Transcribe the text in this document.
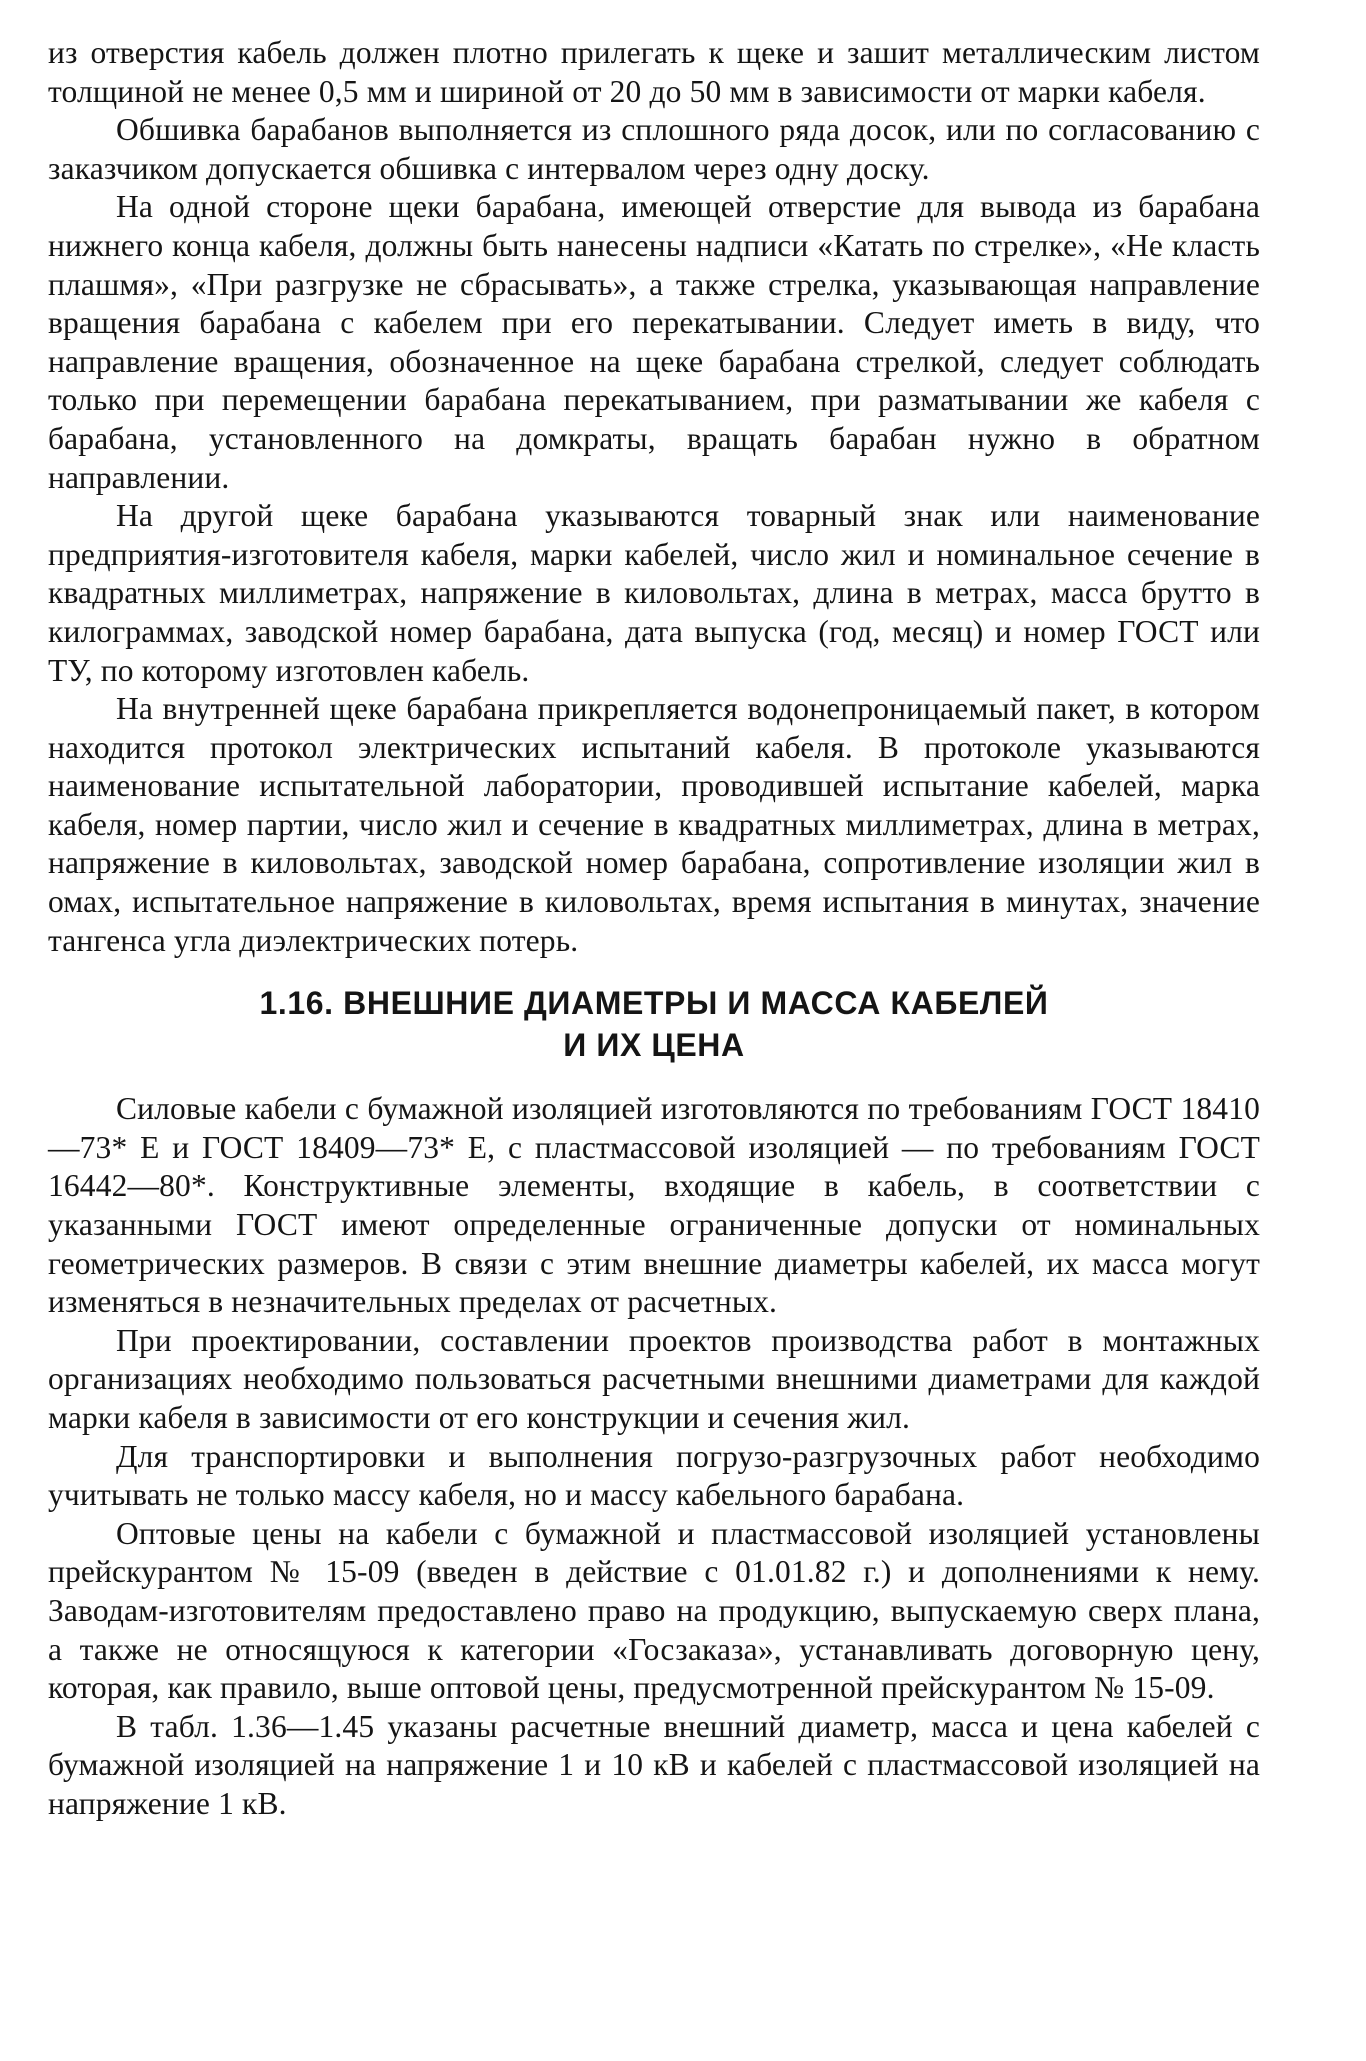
из отверстия кабель должен плотно прилегать к щеке и зашит металлическим листом толщиной не менее 0,5 мм и шириной от 20 до 50 мм в зависимости от марки кабеля.

Обшивка барабанов выполняется из сплошного ряда досок, или по согласованию с заказчиком допускается обшивка с интервалом через одну доску.

На одной стороне щеки барабана, имеющей отверстие для вывода из барабана нижнего конца кабеля, должны быть нанесены надписи «Катать по стрелке», «Не класть плашмя», «При разгрузке не сбрасывать», а также стрелка, указывающая направление вращения барабана с кабелем при его перекатывании. Следует иметь в виду, что направление вращения, обозначенное на щеке барабана стрелкой, следует соблюдать только при перемещении барабана перекатыванием, при разматывании же кабеля с барабана, установленного на домкраты, вращать барабан нужно в обратном направлении.

На другой щеке барабана указываются товарный знак или наименование предприятия-изготовителя кабеля, марки кабелей, число жил и номинальное сечение в квадратных миллиметрах, напряжение в киловольтах, длина в метрах, масса брутто в килограммах, заводской номер барабана, дата выпуска (год, месяц) и номер ГОСТ или ТУ, по которому изготовлен кабель.

На внутренней щеке барабана прикрепляется водонепроницаемый пакет, в котором находится протокол электрических испытаний кабеля. В протоколе указываются наименование испытательной лаборатории, проводившей испытание кабелей, марка кабеля, номер партии, число жил и сечение в квадратных миллиметрах, длина в метрах, напряжение в киловольтах, заводской номер барабана, сопротивление изоляции жил в омах, испытательное напряжение в киловольтах, время испытания в минутах, значение тангенса угла диэлектрических потерь.

1.16. ВНЕШНИЕ ДИАМЕТРЫ И МАССА КАБЕЛЕЙ
И ИХ ЦЕНА

Силовые кабели с бумажной изоляцией изготовляются по требованиям ГОСТ 18410—73* Е и ГОСТ 18409—73* Е, с пластмассовой изоляцией — по требованиям ГОСТ 16442—80*. Конструктивные элементы, входящие в кабель, в соответствии с указанными ГОСТ имеют определенные ограниченные допуски от номинальных геометрических размеров. В связи с этим внешние диаметры кабелей, их масса могут изменяться в незначительных пределах от расчетных.

При проектировании, составлении проектов производства работ в монтажных организациях необходимо пользоваться расчетными внешними диаметрами для каждой марки кабеля в зависимости от его конструкции и сечения жил.

Для транспортировки и выполнения погрузо-разгрузочных работ необходимо учитывать не только массу кабеля, но и массу кабельного барабана.

Оптовые цены на кабели с бумажной и пластмассовой изоляцией установлены прейскурантом № 15-09 (введен в действие с 01.01.82 г.) и дополнениями к нему. Заводам-изготовителям предоставлено право на продукцию, выпускаемую сверх плана, а также не относящуюся к категории «Госзаказа», устанавливать договорную цену, которая, как правило, выше оптовой цены, предусмотренной прейскурантом № 15-09.

В табл. 1.36—1.45 указаны расчетные внешний диаметр, масса и цена кабелей с бумажной изоляцией на напряжение 1 и 10 кВ и кабелей с пластмассовой изоляцией на напряжение 1 кВ.
